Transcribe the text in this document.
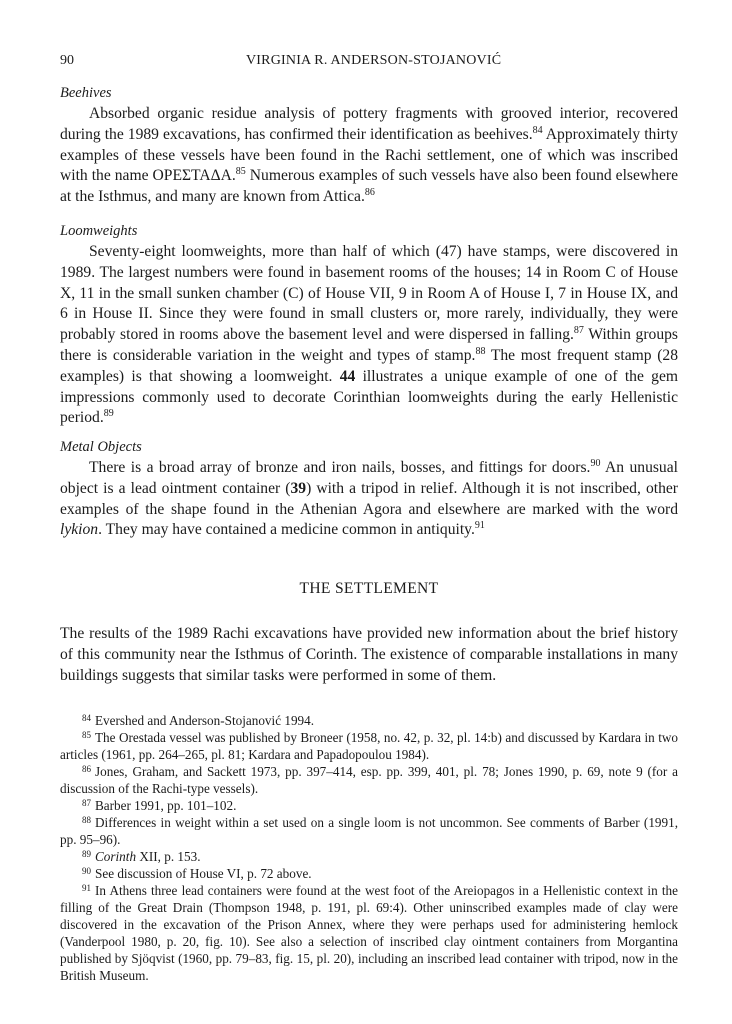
90	VIRGINIA R. ANDERSON-STOJANOVIĆ

Beehives

Absorbed organic residue analysis of pottery fragments with grooved interior, recovered during the 1989 excavations, has confirmed their identification as beehives.$^{84}$ Approximately thirty examples of these vessels have been found in the Rachi settlement, one of which was inscribed with the name ΟΡΕΣΤΑΔΑ.$^{85}$ Numerous examples of such vessels have also been found elsewhere at the Isthmus, and many are known from Attica.$^{86}$

Loomweights

Seventy-eight loomweights, more than half of which (47) have stamps, were discovered in 1989. The largest numbers were found in basement rooms of the houses; 14 in Room C of House X, 11 in the small sunken chamber (C) of House VII, 9 in Room A of House I, 7 in House IX, and 6 in House II. Since they were found in small clusters or, more rarely, individually, they were probably stored in rooms above the basement level and were dispersed in falling.$^{87}$ Within groups there is considerable variation in the weight and types of stamp.$^{88}$ The most frequent stamp (28 examples) is that showing a loomweight. 44 illustrates a unique example of one of the gem impressions commonly used to decorate Corinthian loomweights during the early Hellenistic period.$^{89}$

Metal Objects

There is a broad array of bronze and iron nails, bosses, and fittings for doors.$^{90}$ An unusual object is a lead ointment container (39) with a tripod in relief. Although it is not inscribed, other examples of the shape found in the Athenian Agora and elsewhere are marked with the word lykion. They may have contained a medicine common in antiquity.$^{91}$

THE SETTLEMENT

The results of the 1989 Rachi excavations have provided new information about the brief history of this community near the Isthmus of Corinth. The existence of comparable installations in many buildings suggests that similar tasks were performed in some of them.

$^{84}$ Evershed and Anderson-Stojanović 1994.

$^{85}$ The Orestada vessel was published by Broneer (1958, no. 42, p. 32, pl. 14:b) and discussed by Kardara in two articles (1961, pp. 264–265, pl. 81; Kardara and Papadopoulou 1984).

$^{86}$ Jones, Graham, and Sackett 1973, pp. 397–414, esp. pp. 399, 401, pl. 78; Jones 1990, p. 69, note 9 (for a discussion of the Rachi-type vessels).

$^{87}$ Barber 1991, pp. 101–102.

$^{88}$ Differences in weight within a set used on a single loom is not uncommon. See comments of Barber (1991, pp. 95–96).

$^{89}$ Corinth XII, p. 153.

$^{90}$ See discussion of House VI, p. 72 above.

$^{91}$ In Athens three lead containers were found at the west foot of the Areiopagos in a Hellenistic context in the filling of the Great Drain (Thompson 1948, p. 191, pl. 69:4). Other uninscribed examples made of clay were discovered in the excavation of the Prison Annex, where they were perhaps used for administering hemlock (Vanderpool 1980, p. 20, fig. 10). See also a selection of inscribed clay ointment containers from Morgantina published by Sjöqvist (1960, pp. 79–83, fig. 15, pl. 20), including an inscribed lead container with tripod, now in the British Museum.
